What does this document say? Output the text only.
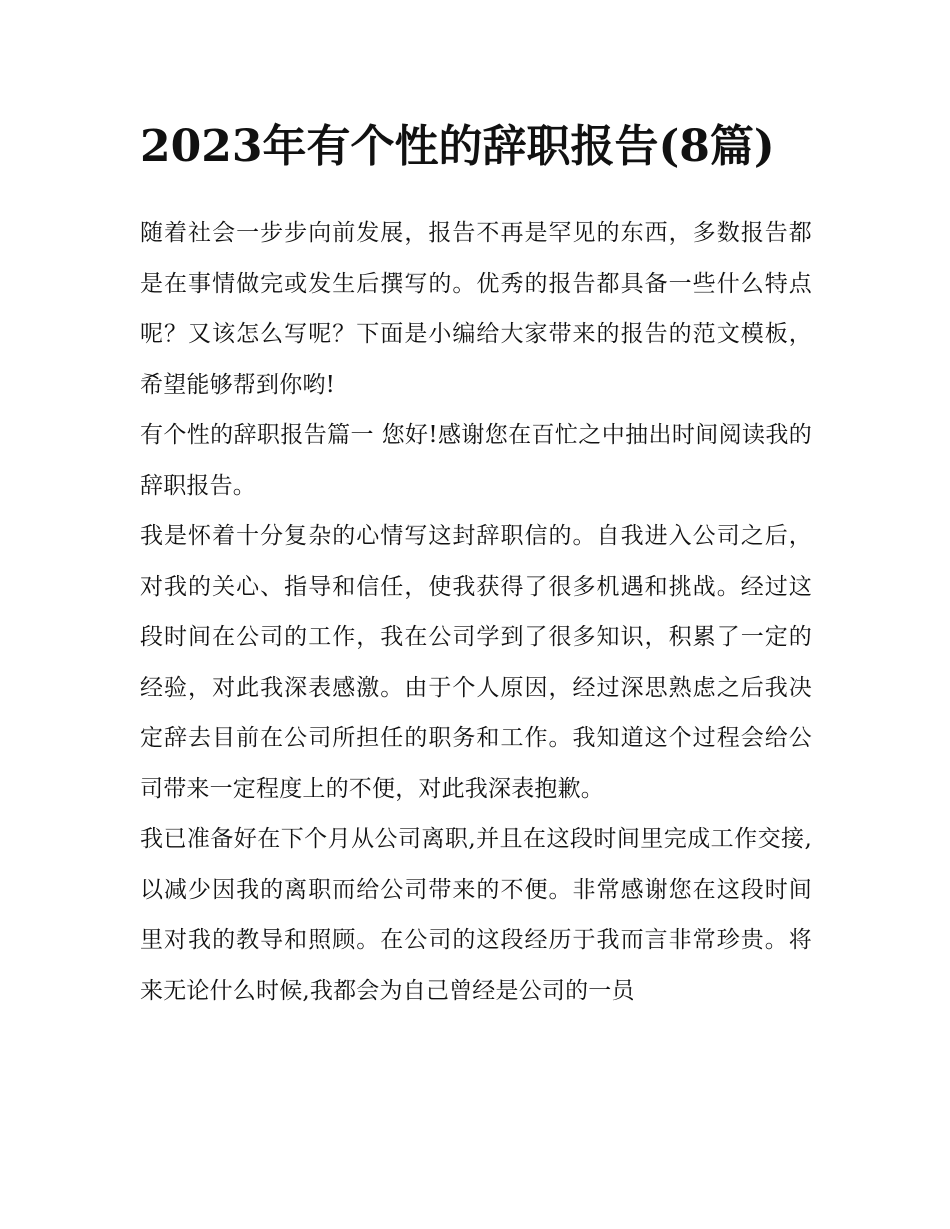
2023年有个性的辞职报告(8篇)

随着社会一步步向前发展，报告不再是罕见的东西，多数报告都是在事情做完或发生后撰写的。优秀的报告都具备一些什么特点呢？又该怎么写呢？下面是小编给大家带来的报告的范文模板，希望能够帮到你哟!

有个性的辞职报告篇一 您好!感谢您在百忙之中抽出时间阅读我的辞职报告。

我是怀着十分复杂的心情写这封辞职信的。自我进入公司之后，对我的关心、指导和信任，使我获得了很多机遇和挑战。经过这段时间在公司的工作，我在公司学到了很多知识，积累了一定的经验，对此我深表感激。由于个人原因，经过深思熟虑之后我决定辞去目前在公司所担任的职务和工作。我知道这个过程会给公司带来一定程度上的不便，对此我深表抱歉。

我已准备好在下个月从公司离职,并且在这段时间里完成工作交接,以减少因我的离职而给公司带来的不便。非常感谢您在这段时间里对我的教导和照顾。在公司的这段经历于我而言非常珍贵。将来无论什么时候,我都会为自己曾经是公司的一员
